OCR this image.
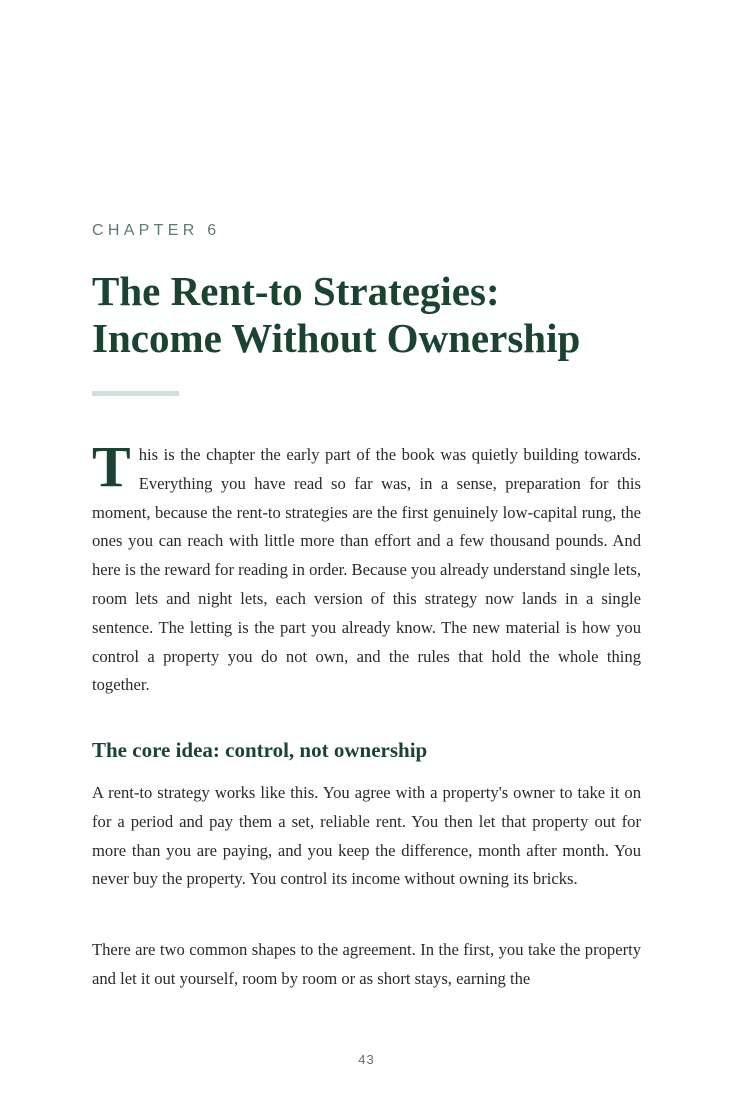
CHAPTER 6
The Rent-to Strategies:
Income Without Ownership

This is the chapter the early part of the book was quietly building towards. Everything you have read so far was, in a sense, preparation for this moment, because the rent-to strategies are the first genuinely low-capital rung, the ones you can reach with little more than effort and a few thousand pounds. And here is the reward for reading in order. Because you already understand single lets, room lets and night lets, each version of this strategy now lands in a single sentence. The letting is the part you already know. The new material is how you control a property you do not own, and the rules that hold the whole thing together.

The core idea: control, not ownership

A rent-to strategy works like this. You agree with a property's owner to take it on for a period and pay them a set, reliable rent. You then let that property out for more than you are paying, and you keep the difference, month after month. You never buy the property. You control its income without owning its bricks.

There are two common shapes to the agreement. In the first, you take the property and let it out yourself, room by room or as short stays, earning the

43
